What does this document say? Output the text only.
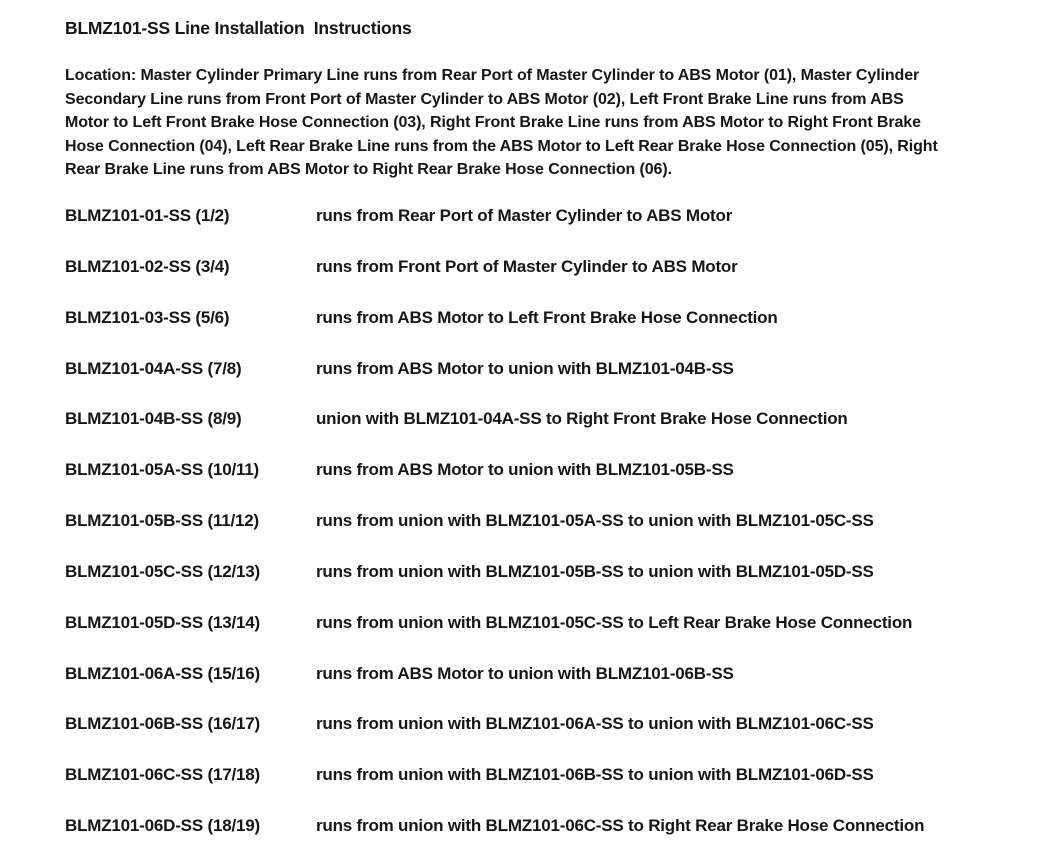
BLMZ101-SS Line Installation  Instructions
Location: Master Cylinder Primary Line runs from Rear Port of Master Cylinder to ABS Motor (01), Master Cylinder
Secondary Line runs from Front Port of Master Cylinder to ABS Motor (02), Left Front Brake Line runs from ABS
Motor to Left Front Brake Hose Connection (03), Right Front Brake Line runs from ABS Motor to Right Front Brake
Hose Connection (04), Left Rear Brake Line runs from the ABS Motor to Left Rear Brake Hose Connection (05), Right
Rear Brake Line runs from ABS Motor to Right Rear Brake Hose Connection (06).
BLMZ101-01-SS (1/2)	runs from Rear Port of Master Cylinder to ABS Motor
BLMZ101-02-SS (3/4)	runs from Front Port of Master Cylinder to ABS Motor
BLMZ101-03-SS (5/6)	runs from ABS Motor to Left Front Brake Hose Connection
BLMZ101-04A-SS (7/8)	runs from ABS Motor to union with BLMZ101-04B-SS
BLMZ101-04B-SS (8/9)	union with BLMZ101-04A-SS to Right Front Brake Hose Connection
BLMZ101-05A-SS (10/11)	runs from ABS Motor to union with BLMZ101-05B-SS
BLMZ101-05B-SS (11/12)	runs from union with BLMZ101-05A-SS to union with BLMZ101-05C-SS
BLMZ101-05C-SS (12/13)	runs from union with BLMZ101-05B-SS to union with BLMZ101-05D-SS
BLMZ101-05D-SS (13/14)	runs from union with BLMZ101-05C-SS to Left Rear Brake Hose Connection
BLMZ101-06A-SS (15/16)	runs from ABS Motor to union with BLMZ101-06B-SS
BLMZ101-06B-SS (16/17)	runs from union with BLMZ101-06A-SS to union with BLMZ101-06C-SS
BLMZ101-06C-SS (17/18)	runs from union with BLMZ101-06B-SS to union with BLMZ101-06D-SS
BLMZ101-06D-SS (18/19)	runs from union with BLMZ101-06C-SS to Right Rear Brake Hose Connection
